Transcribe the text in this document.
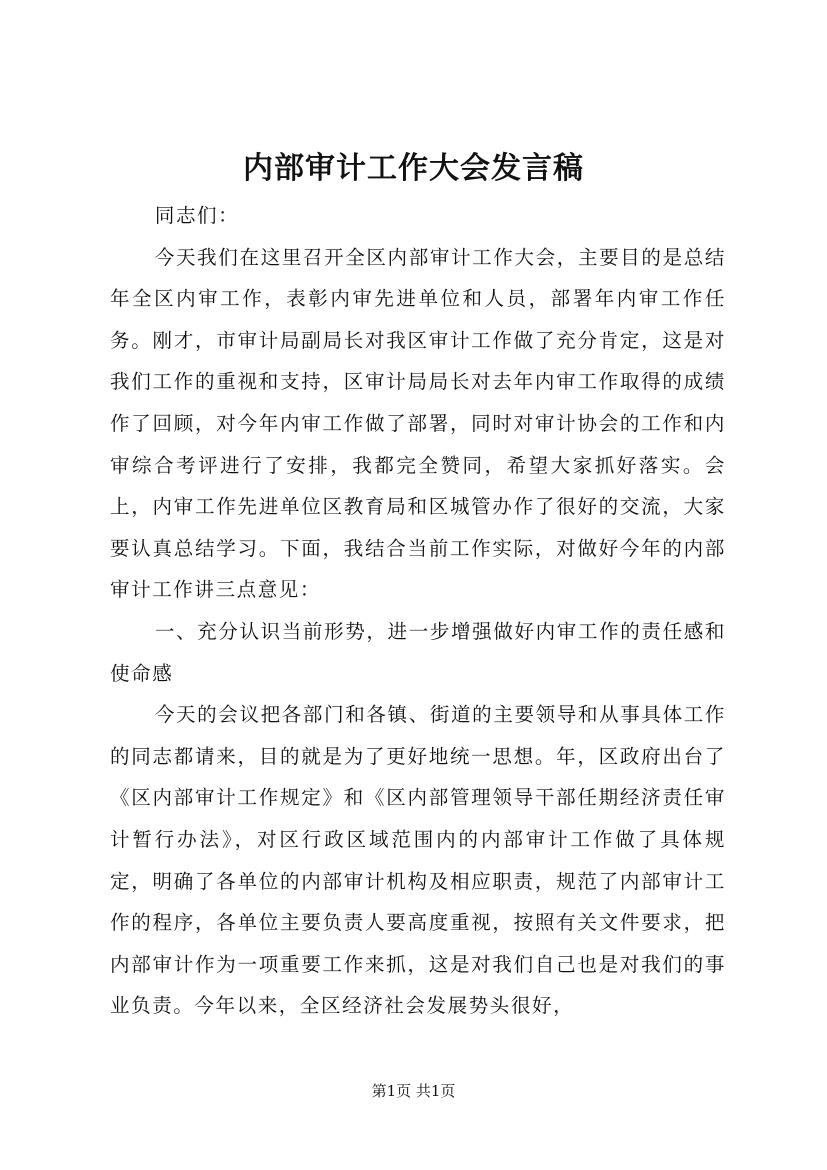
内部审计工作大会发言稿

同志们：

今天我们在这里召开全区内部审计工作大会，主要目的是总结年全区内审工作，表彰内审先进单位和人员，部署年内审工作任务。刚才，市审计局副局长对我区审计工作做了充分肯定，这是对我们工作的重视和支持，区审计局局长对去年内审工作取得的成绩作了回顾，对今年内审工作做了部署，同时对审计协会的工作和内审综合考评进行了安排，我都完全赞同，希望大家抓好落实。会上，内审工作先进单位区教育局和区城管办作了很好的交流，大家要认真总结学习。下面，我结合当前工作实际，对做好今年的内部审计工作讲三点意见：

一、充分认识当前形势，进一步增强做好内审工作的责任感和使命感

今天的会议把各部门和各镇、街道的主要领导和从事具体工作的同志都请来，目的就是为了更好地统一思想。年，区政府出台了《区内部审计工作规定》和《区内部管理领导干部任期经济责任审计暂行办法》，对区行政区域范围内的内部审计工作做了具体规定，明确了各单位的内部审计机构及相应职责，规范了内部审计工作的程序，各单位主要负责人要高度重视，按照有关文件要求，把内部审计作为一项重要工作来抓，这是对我们自己也是对我们的事业负责。今年以来，全区经济社会发展势头很好，

第1页 共1页
